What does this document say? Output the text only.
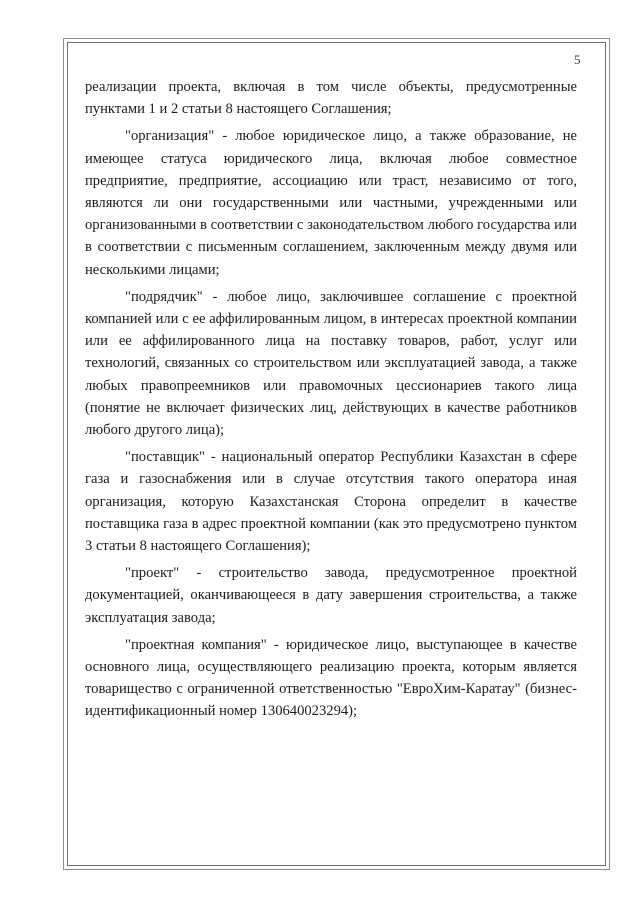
5

реализации проекта, включая в том числе объекты, предусмотренные пунктами 1 и 2 статьи 8 настоящего Соглашения;

"организация" - любое юридическое лицо, а также образование, не имеющее статуса юридического лица, включая любое совместное предприятие, предприятие, ассоциацию или траст, независимо от того, являются ли они государственными или частными, учрежденными или организованными в соответствии с законодательством любого государства или в соответствии с письменным соглашением, заключенным между двумя или несколькими лицами;

"подрядчик" - любое лицо, заключившее соглашение с проектной компанией или с ее аффилированным лицом, в интересах проектной компании или ее аффилированного лица на поставку товаров, работ, услуг или технологий, связанных со строительством или эксплуатацией завода, а также любых правопреемников или правомочных цессионариев такого лица (понятие не включает физических лиц, действующих в качестве работников любого другого лица);

"поставщик" - национальный оператор Республики Казахстан в сфере газа и газоснабжения или в случае отсутствия такого оператора иная организация, которую Казахстанская Сторона определит в качестве поставщика газа в адрес проектной компании (как это предусмотрено пунктом 3 статьи 8 настоящего Соглашения);

"проект" - строительство завода, предусмотренное проектной документацией, оканчивающееся в дату завершения строительства, а также эксплуатация завода;

"проектная компания" - юридическое лицо, выступающее в качестве основного лица, осуществляющего реализацию проекта, которым является товарищество с ограниченной ответственностью "ЕвроХим-Каратау" (бизнес-идентификационный номер 130640023294);
